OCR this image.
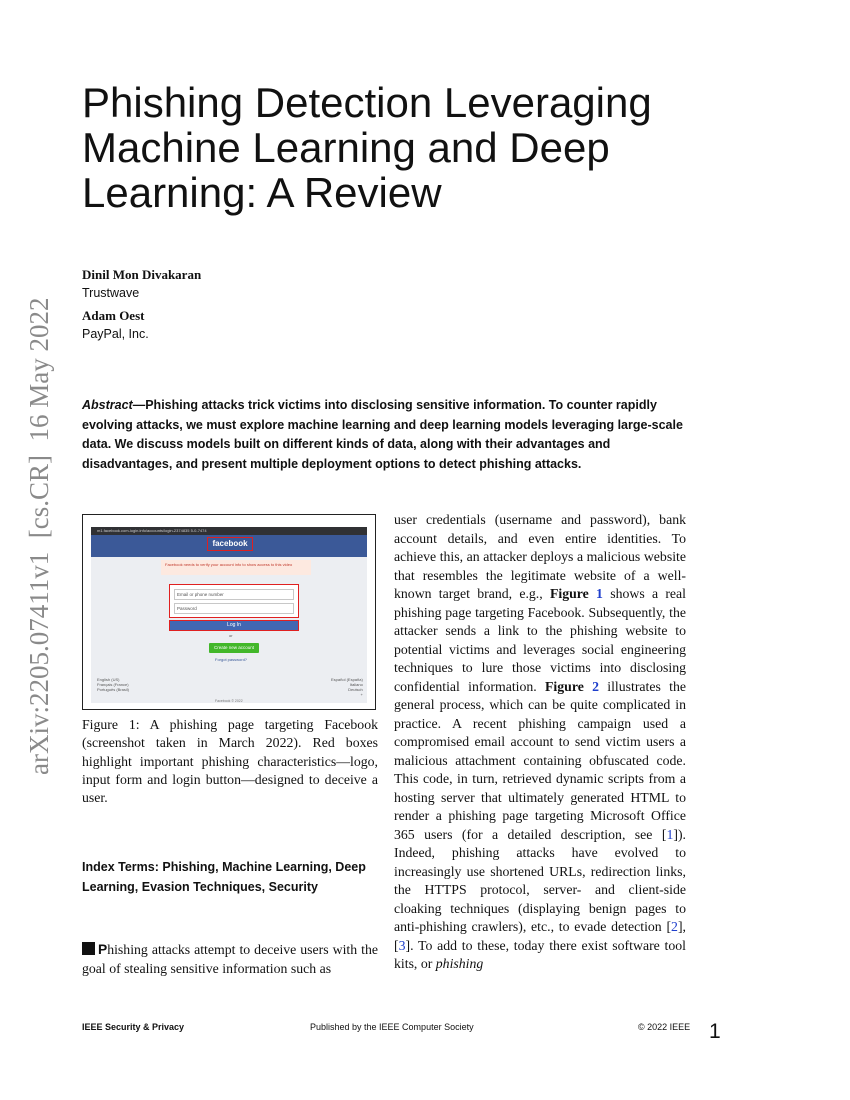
arXiv:2205.07411v1  [cs.CR]  16 May 2022
Phishing Detection Leveraging Machine Learning and Deep Learning: A Review
Dinil Mon Divakaran
Trustwave
Adam Oest
PayPal, Inc.

Abstract—Phishing attacks trick victims into disclosing sensitive information. To counter rapidly evolving attacks, we must explore machine learning and deep learning models leveraging large-scale data. We discuss models built on different kinds of data, along with their advantages and disadvantages, and present multiple deployment options to detect phishing attacks.

m1.facebook.com-login.info/accounts/login-2374835 5-0-7474
facebook
Facebook needs to verify your account info to show access to this video
Email or phone number
Password
Log In
or
Create new account
Forgot password?
English (US)
Français (France)
Português (Brasil)
Español (España)
Italiano
Deutsch
+
Facebook © 2022

Figure 1: A phishing page targeting Facebook (screenshot taken in March 2022). Red boxes highlight important phishing characteristics—logo, input form and login button—designed to deceive a user.

Index Terms: Phishing, Machine Learning, Deep Learning, Evasion Techniques, Security

Phishing attacks attempt to deceive users with the goal of stealing sensitive information such as

user credentials (username and password), bank account details, and even entire identities. To achieve this, an attacker deploys a malicious website that resembles the legitimate website of a well-known target brand, e.g., Figure 1 shows a real phishing page targeting Facebook. Subsequently, the attacker sends a link to the phishing website to potential victims and leverages social engineering techniques to lure those victims into disclosing confidential information. Figure 2 illustrates the general process, which can be quite complicated in practice. A recent phishing campaign used a compromised email account to send victim users a malicious attachment containing obfuscated code. This code, in turn, retrieved dynamic scripts from a hosting server that ultimately generated HTML to render a phishing page targeting Microsoft Office 365 users (for a detailed description, see [1]). Indeed, phishing attacks have evolved to increasingly use shortened URLs, redirection links, the HTTPS protocol, server- and client-side cloaking techniques (displaying benign pages to anti-phishing crawlers), etc., to evade detection [2], [3]. To add to these, today there exist software tool kits, or phishing

IEEE Security & Privacy	Published by the IEEE Computer Society	© 2022 IEEE 1
